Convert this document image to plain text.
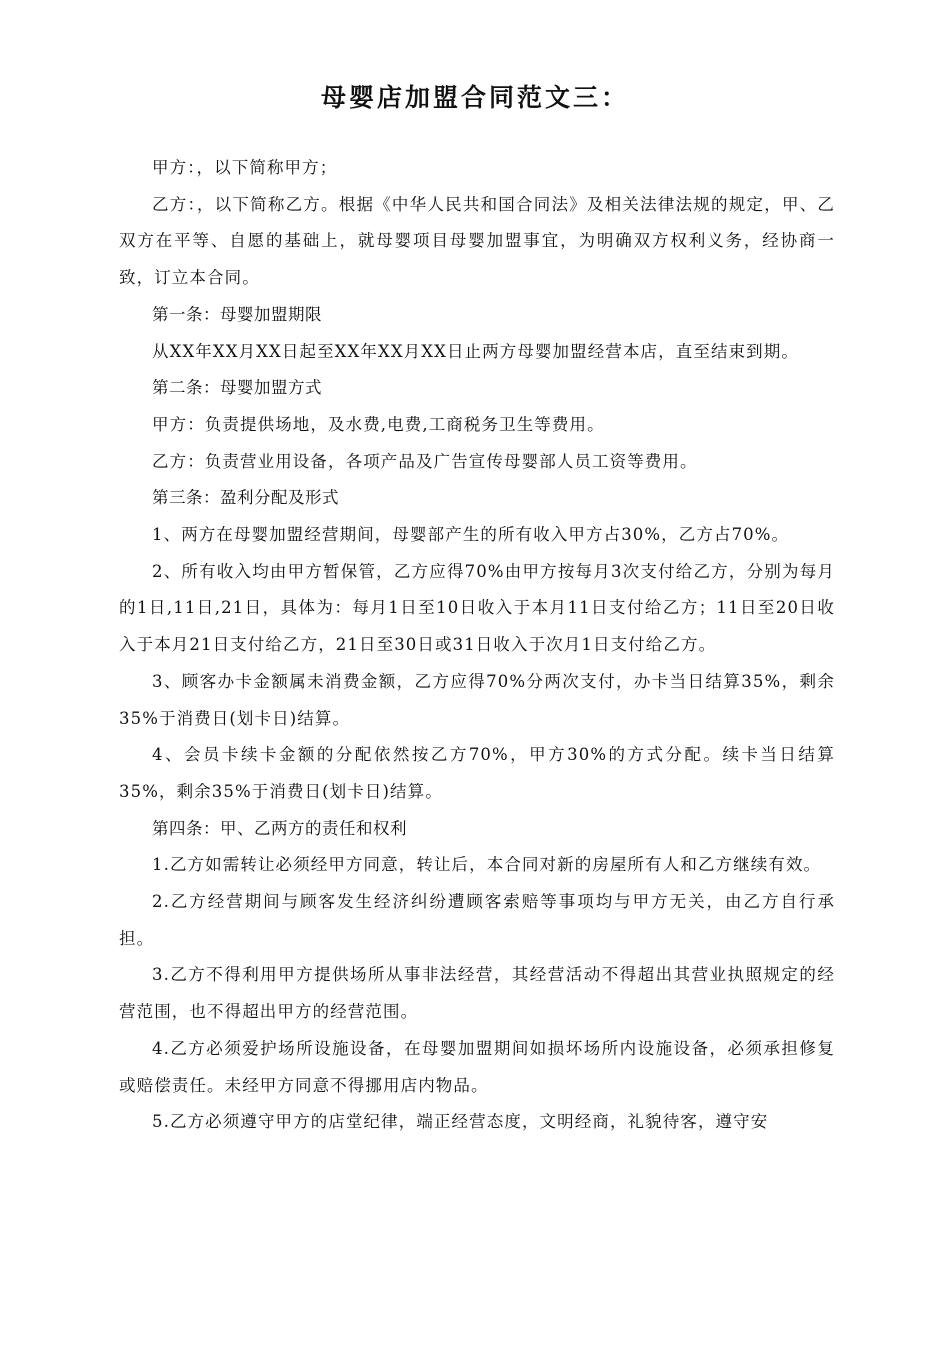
母婴店加盟合同范文三：

甲方：，以下简称甲方；

乙方：，以下简称乙方。根据《中华人民共和国合同法》及相关法律法规的规定，甲、乙双方在平等、自愿的基础上，就母婴项目母婴加盟事宜，为明确双方权利义务，经协商一致，订立本合同。

第一条：母婴加盟期限

从XX年XX月XX日起至XX年XX月XX日止两方母婴加盟经营本店，直至结束到期。

第二条：母婴加盟方式

甲方：负责提供场地，及水费,电费,工商税务卫生等费用。

乙方：负责营业用设备，各项产品及广告宣传母婴部人员工资等费用。

第三条：盈利分配及形式

1、两方在母婴加盟经营期间，母婴部产生的所有收入甲方占30%，乙方占70%。

2、所有收入均由甲方暂保管，乙方应得70%由甲方按每月3次支付给乙方，分别为每月的1日,11日,21日，具体为：每月1日至10日收入于本月11日支付给乙方；11日至20日收入于本月21日支付给乙方，21日至30日或31日收入于次月1日支付给乙方。

3、顾客办卡金额属未消费金额，乙方应得70%分两次支付，办卡当日结算35%，剩余35%于消费日(划卡日)结算。

4、会员卡续卡金额的分配依然按乙方70%，甲方30%的方式分配。续卡当日结算35%，剩余35%于消费日(划卡日)结算。

第四条：甲、乙两方的责任和权利

1.乙方如需转让必须经甲方同意，转让后，本合同对新的房屋所有人和乙方继续有效。

2.乙方经营期间与顾客发生经济纠纷遭顾客索赔等事项均与甲方无关，由乙方自行承担。

3.乙方不得利用甲方提供场所从事非法经营，其经营活动不得超出其营业执照规定的经营范围，也不得超出甲方的经营范围。

4.乙方必须爱护场所设施设备，在母婴加盟期间如损坏场所内设施设备，必须承担修复或赔偿责任。未经甲方同意不得挪用店内物品。

5.乙方必须遵守甲方的店堂纪律，端正经营态度，文明经商，礼貌待客，遵守安
